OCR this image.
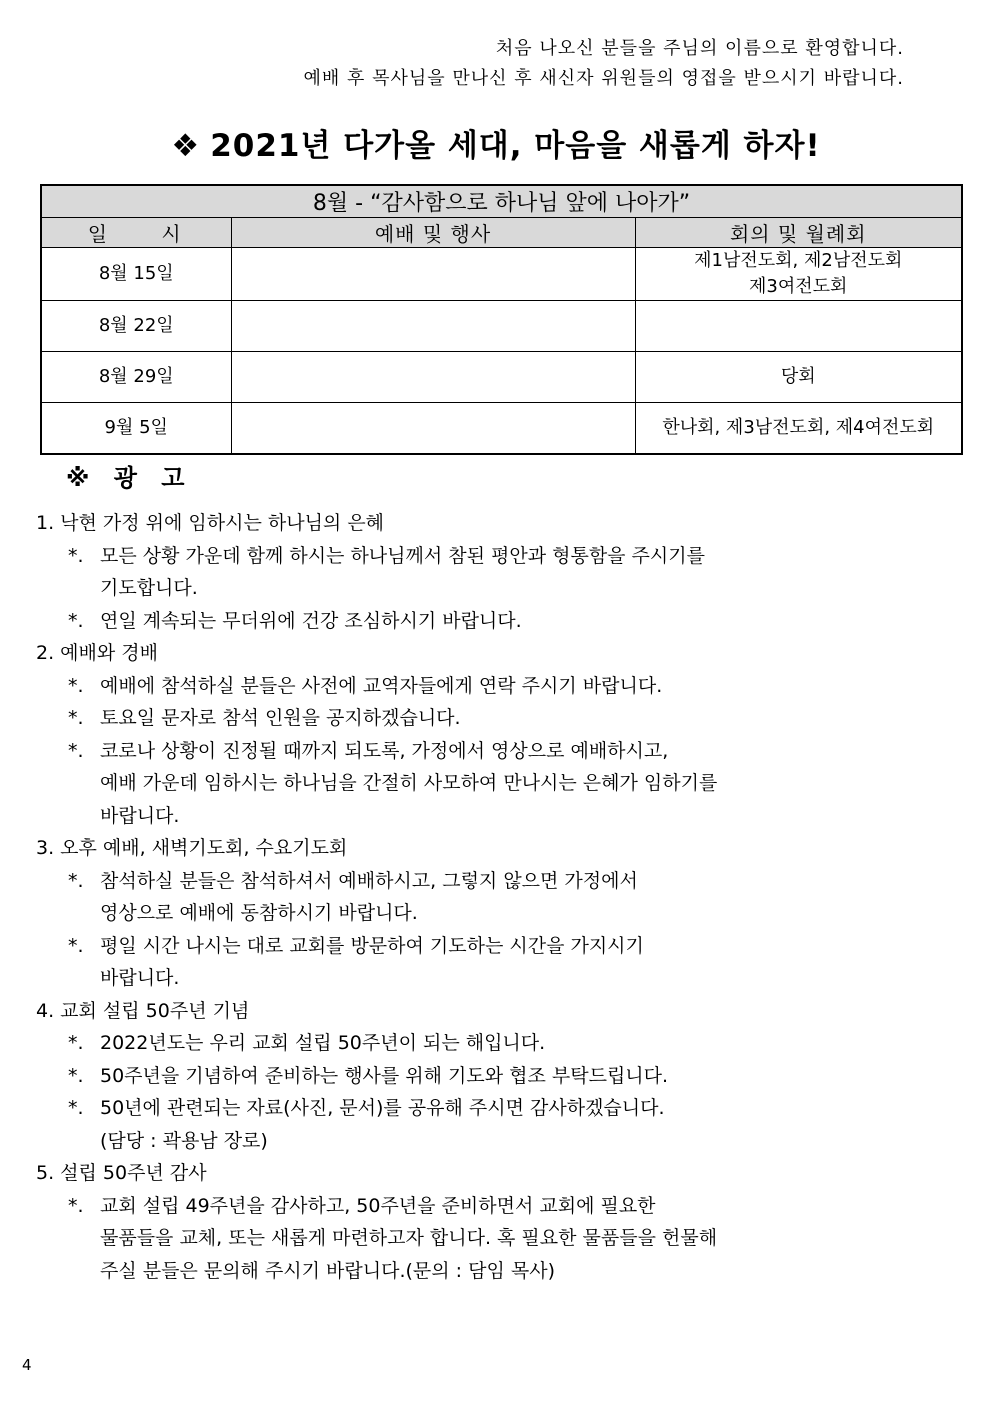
처음 나오신 분들을 주님의 이름으로 환영합니다.
예배 후 목사님을 만나신 후 새신자 위원들의 영접을 받으시기 바랍니다.
❖ 2021년 다가올 세대, 마음을 새롭게 하자!
8월 - “감사함으로 하나님 앞에 나아가”		
일 시	예배 및 행사	회의 및 월례회
8월 15일		제1남전도회, 제2남전도회
제3여전도회
8월 22일		
8월 29일		당회
9월 5일		한나회, 제3남전도회, 제4여전도회
※ 광 고
1. 낙현 가정 위에 임하시는 하나님의 은혜
*. 모든 상황 가운데 함께 하시는 하나님께서 참된 평안과 형통함을 주시기를
기도합니다.
*. 연일 계속되는 무더위에 건강 조심하시기 바랍니다.
2. 예배와 경배
*. 예배에 참석하실 분들은 사전에 교역자들에게 연락 주시기 바랍니다.
*. 토요일 문자로 참석 인원을 공지하겠습니다.
*. 코로나 상황이 진정될 때까지 되도록, 가정에서 영상으로 예배하시고,
예배 가운데 임하시는 하나님을 간절히 사모하여 만나시는 은혜가 임하기를
바랍니다.
3. 오후 예배, 새벽기도회, 수요기도회
*. 참석하실 분들은 참석하셔서 예배하시고, 그렇지 않으면 가정에서
영상으로 예배에 동참하시기 바랍니다.
*. 평일 시간 나시는 대로 교회를 방문하여 기도하는 시간을 가지시기
바랍니다.
4. 교회 설립 50주년 기념
*. 2022년도는 우리 교회 설립 50주년이 되는 해입니다.
*. 50주년을 기념하여 준비하는 행사를 위해 기도와 협조 부탁드립니다.
*. 50년에 관련되는 자료(사진, 문서)를 공유해 주시면 감사하겠습니다.
(담당 : 곽용남 장로)
5. 설립 50주년 감사
*. 교회 설립 49주년을 감사하고, 50주년을 준비하면서 교회에 필요한
물품들을 교체, 또는 새롭게 마련하고자 합니다. 혹 필요한 물품들을 헌물해
주실 분들은 문의해 주시기 바랍니다.(문의 : 담임 목사)
4
